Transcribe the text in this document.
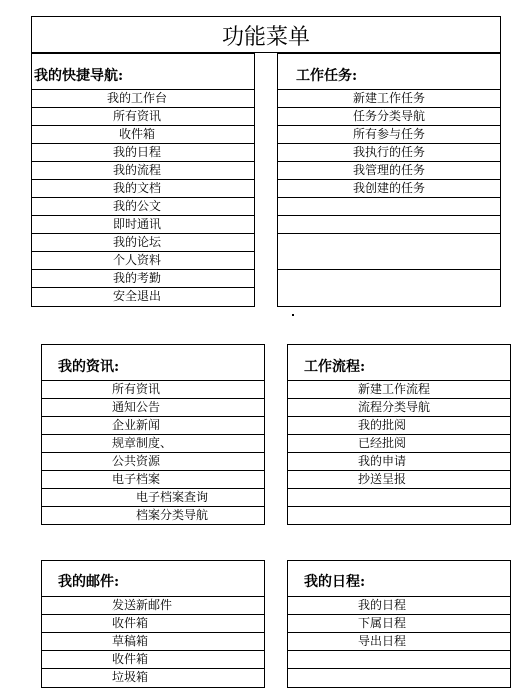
功能菜单
我的快捷导航:
我的工作台
所有资讯
收件箱
我的日程
我的流程
我的文档
我的公文
即时通讯
我的论坛
个人资料
我的考勤
安全退出
工作任务:
新建工作任务
任务分类导航
所有参与任务
我执行的任务
我管理的任务
我创建的任务
我的资讯:
所有资讯
通知公告
企业新闻
规章制度、
公共资源
电子档案
电子档案查询
档案分类导航
工作流程:
新建工作流程
流程分类导航
我的批阅
已经批阅
我的申请
抄送呈报
我的邮件:
发送新邮件
收件箱
草稿箱
收件箱
垃圾箱
我的日程:
我的日程
下属日程
导出日程
